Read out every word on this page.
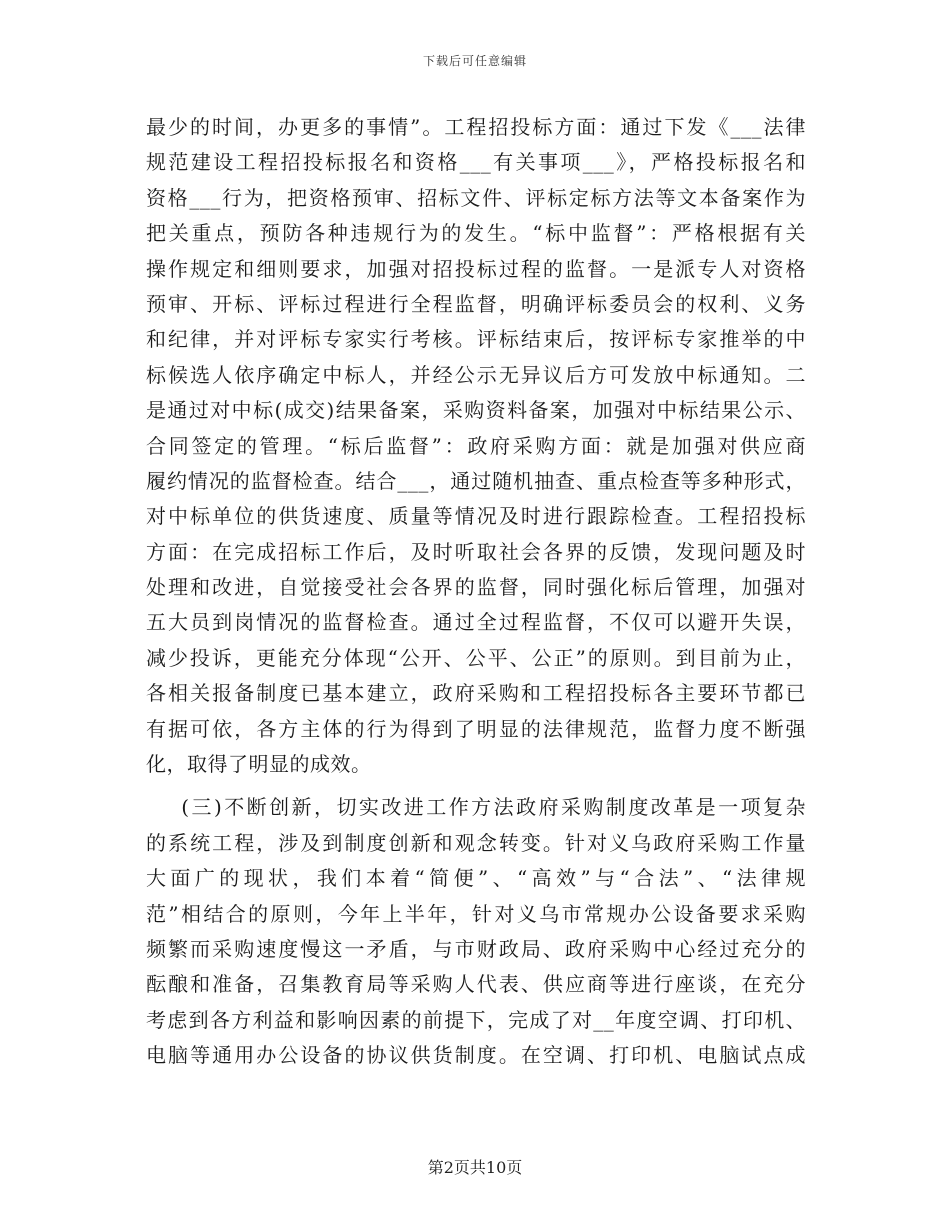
下载后可任意编辑
最少的时间，办更多的事情”。工程招投标方面：通过下发《___法律
规范建设工程招投标报名和资格___有关事项___》，严格投标报名和
资格___行为，把资格预审、招标文件、评标定标方法等文本备案作为
把关重点，预防各种违规行为的发生。“标中监督”：严格根据有关
操作规定和细则要求，加强对招投标过程的监督。一是派专人对资格
预审、开标、评标过程进行全程监督，明确评标委员会的权利、义务
和纪律，并对评标专家实行考核。评标结束后，按评标专家推举的中
标候选人依序确定中标人，并经公示无异议后方可发放中标通知。二
是通过对中标(成交)结果备案，采购资料备案，加强对中标结果公示、
合同签定的管理。“标后监督”：政府采购方面：就是加强对供应商
履约情况的监督检查。结合___，通过随机抽查、重点检查等多种形式，
对中标单位的供货速度、质量等情况及时进行跟踪检查。工程招投标
方面：在完成招标工作后，及时听取社会各界的反馈，发现问题及时
处理和改进，自觉接受社会各界的监督，同时强化标后管理，加强对
五大员到岗情况的监督检查。通过全过程监督，不仅可以避开失误，
减少投诉，更能充分体现“公开、公平、公正”的原则。到目前为止，
各相关报备制度已基本建立，政府采购和工程招投标各主要环节都已
有据可依，各方主体的行为得到了明显的法律规范，监督力度不断强
化，取得了明显的成效。
(三)不断创新，切实改进工作方法政府采购制度改革是一项复杂
的系统工程，涉及到制度创新和观念转变。针对义乌政府采购工作量
大面广的现状，我们本着“简便”、“高效”与“合法”、“法律规
范”相结合的原则，今年上半年，针对义乌市常规办公设备要求采购
频繁而采购速度慢这一矛盾，与市财政局、政府采购中心经过充分的
酝酿和准备，召集教育局等采购人代表、供应商等进行座谈，在充分
考虑到各方利益和影响因素的前提下，完成了对__年度空调、打印机、
电脑等通用办公设备的协议供货制度。在空调、打印机、电脑试点成
第2页共10页
